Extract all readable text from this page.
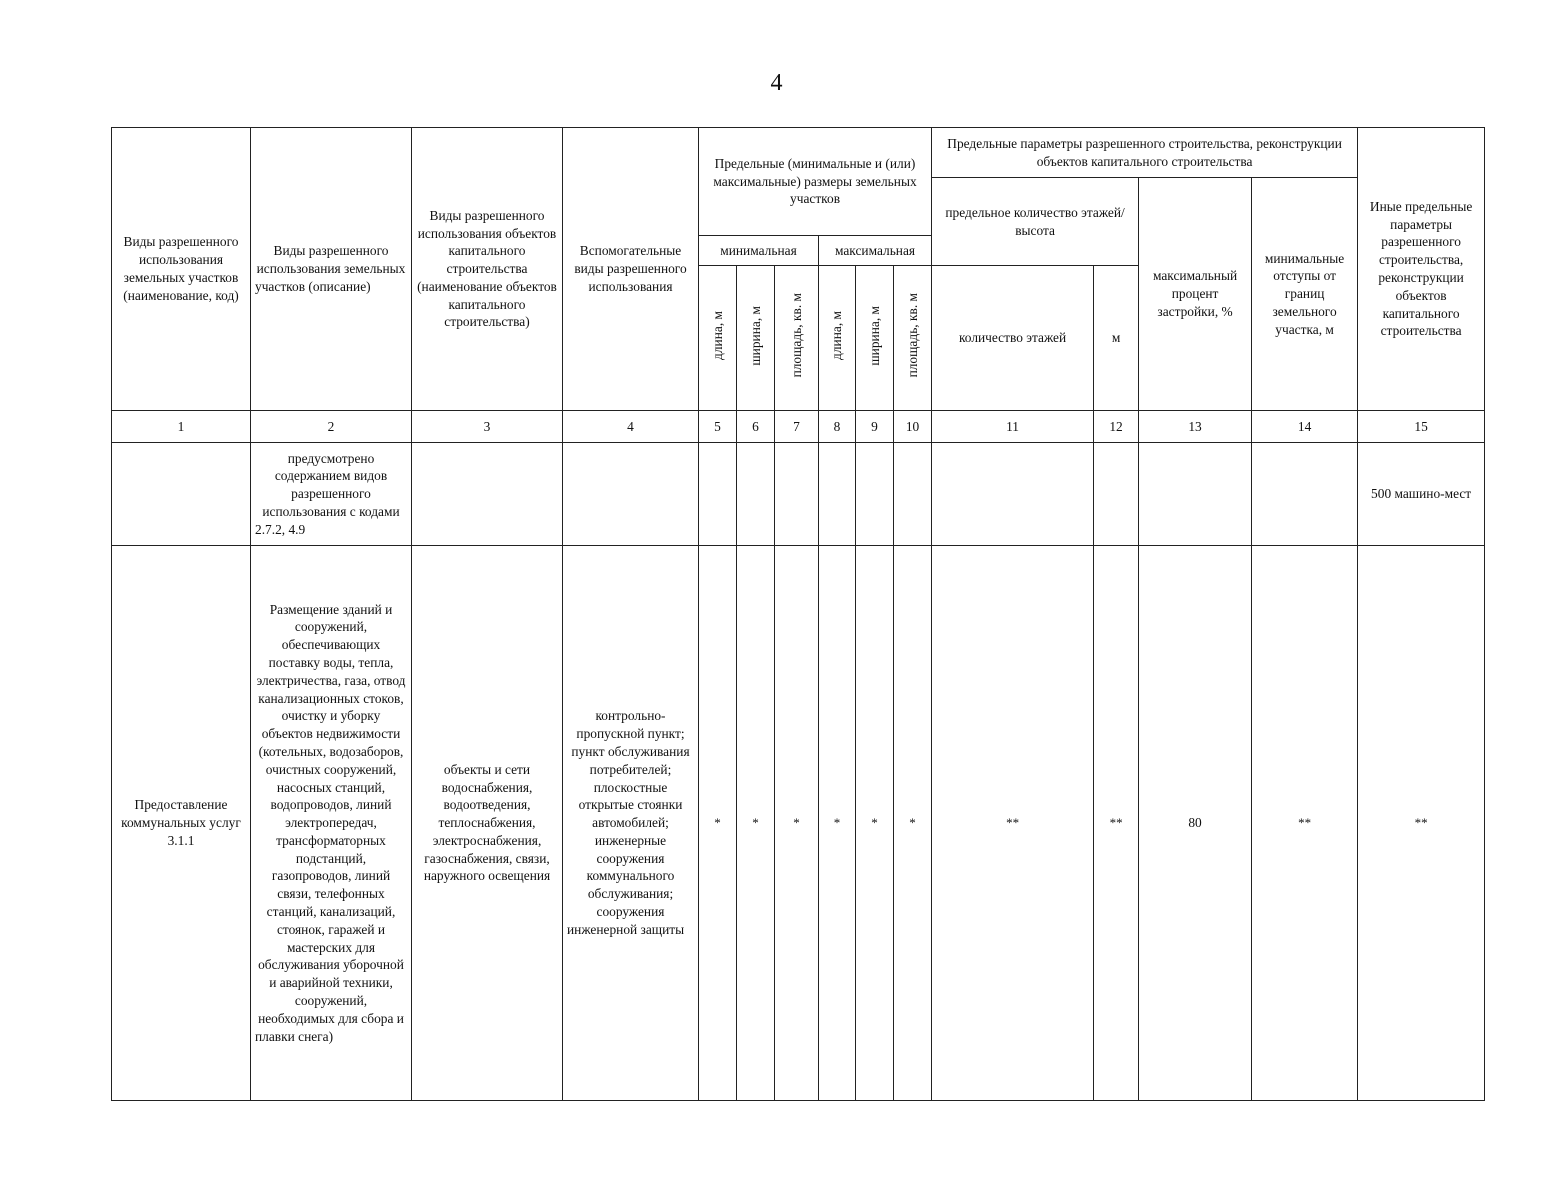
4
Виды разрешенного использования земельных участков (наименование, код)	Виды разрешенного использования земельных участков (описание)	Виды разрешенного использования объектов капитального строительства (наименование объектов капитального строительства)	Вспомогательные виды разрешенного использования	Предельные (минимальные и (или) максимальные) размеры земельных участков						Предельные параметры разрешенного строительства, реконструкции объектов капитального строительства				Иные предельные параметры разрешенного строительства, реконструкции объектов капитального строительства
										предельное количество этажей/высота		максимальный процент застройки, %	минимальные отступы от границ земельного участка, м	
				минимальная			максимальная							
				длина, м	ширина, м	площадь, кв. м	длина, м	ширина, м	площадь, кв. м	количество этажей	м			
1	2	3	4	5	6	7	8	9	10	11	12	13	14	15
	предусмотрено содержанием видов разрешенного использования с кодами 2.7.2, 4.9													500 машино-мест
Предоставление коммунальных услуг 3.1.1	Размещение зданий и сооружений, обеспечивающих поставку воды, тепла, электричества, газа, отвод канализационных стоков, очистку и уборку объектов недвижимости (котельных, водозаборов, очистных сооружений, насосных станций, водопроводов, линий электропередач, трансформаторных подстанций, газопроводов, линий связи, телефонных станций, канализаций, стоянок, гаражей и мастерских для обслуживания уборочной и аварийной техники, сооружений, необходимых для сбора и плавки снега)	объекты и сети водоснабжения, водоотведения, теплоснабжения, электроснабжения, газоснабжения, связи, наружного освещения	контрольно-пропускной пункт; пункт обслуживания потребителей; плоскостные открытые стоянки автомобилей; инженерные сооружения коммунального обслуживания; сооружения инженерной защиты	*	*	*	*	*	*	**	**	80	**	**
